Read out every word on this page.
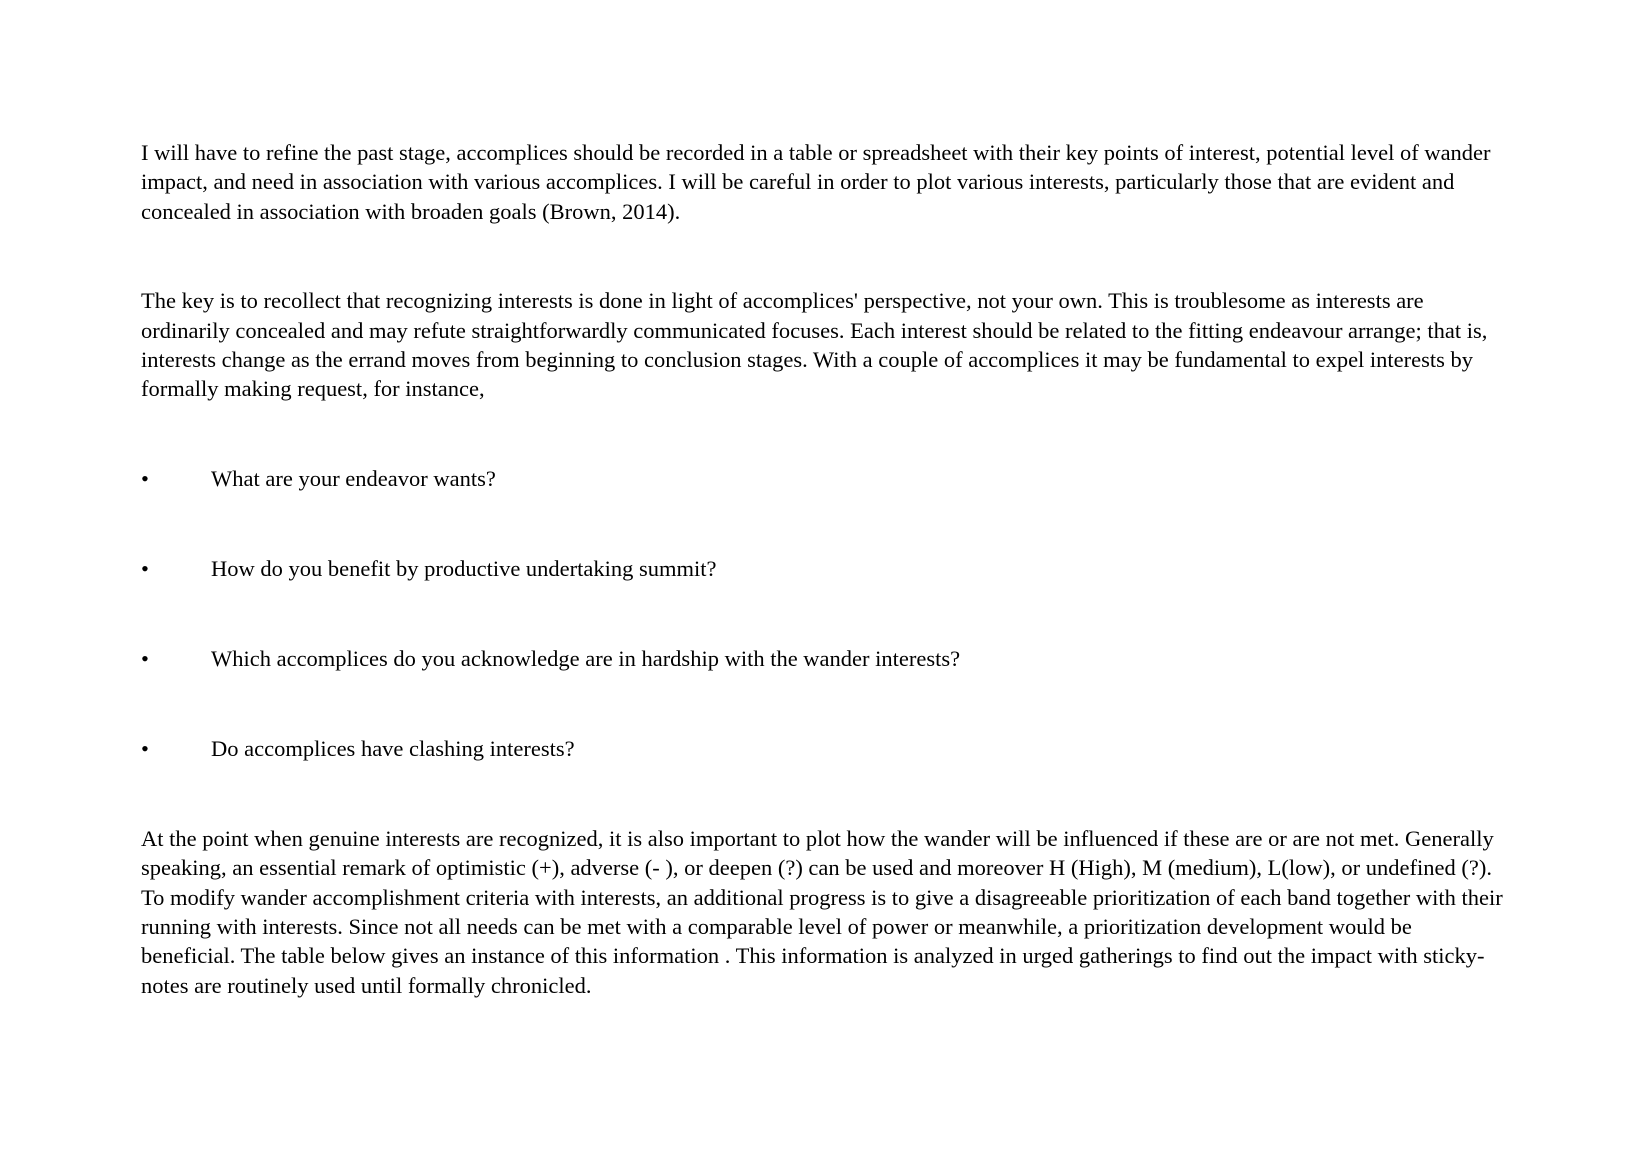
I will have to refine the past stage, accomplices should be recorded in a table or spreadsheet with their key points of interest, potential level of wander impact, and need in association with various accomplices. I will be careful in order to plot various interests, particularly those that are evident and concealed in association with broaden goals (Brown, 2014).

The key is to recollect that recognizing interests is done in light of accomplices' perspective, not your own. This is troublesome as interests are ordinarily concealed and may refute straightforwardly communicated focuses. Each interest should be related to the fitting endeavour arrange; that is, interests change as the errand moves from beginning to conclusion stages. With a couple of accomplices it may be fundamental to expel interests by formally making request, for instance,

•	What are your endeavor wants?
•	How do you benefit by productive undertaking summit?
•	Which accomplices do you acknowledge are in hardship with the wander interests?
•	Do accomplices have clashing interests?

At the point when genuine interests are recognized, it is also important to plot how the wander will be influenced if these are or are not met. Generally speaking, an essential remark of optimistic (+), adverse (- ), or deepen (?) can be used and moreover H (High), M (medium), L(low), or undefined (?). To modify wander accomplishment criteria with interests, an additional progress is to give a disagreeable prioritization of each band together with their running with interests. Since not all needs can be met with a comparable level of power or meanwhile, a prioritization development would be beneficial. The table below gives an instance of this information . This information is analyzed in urged gatherings to find out the impact with sticky-notes are routinely used until formally chronicled.
